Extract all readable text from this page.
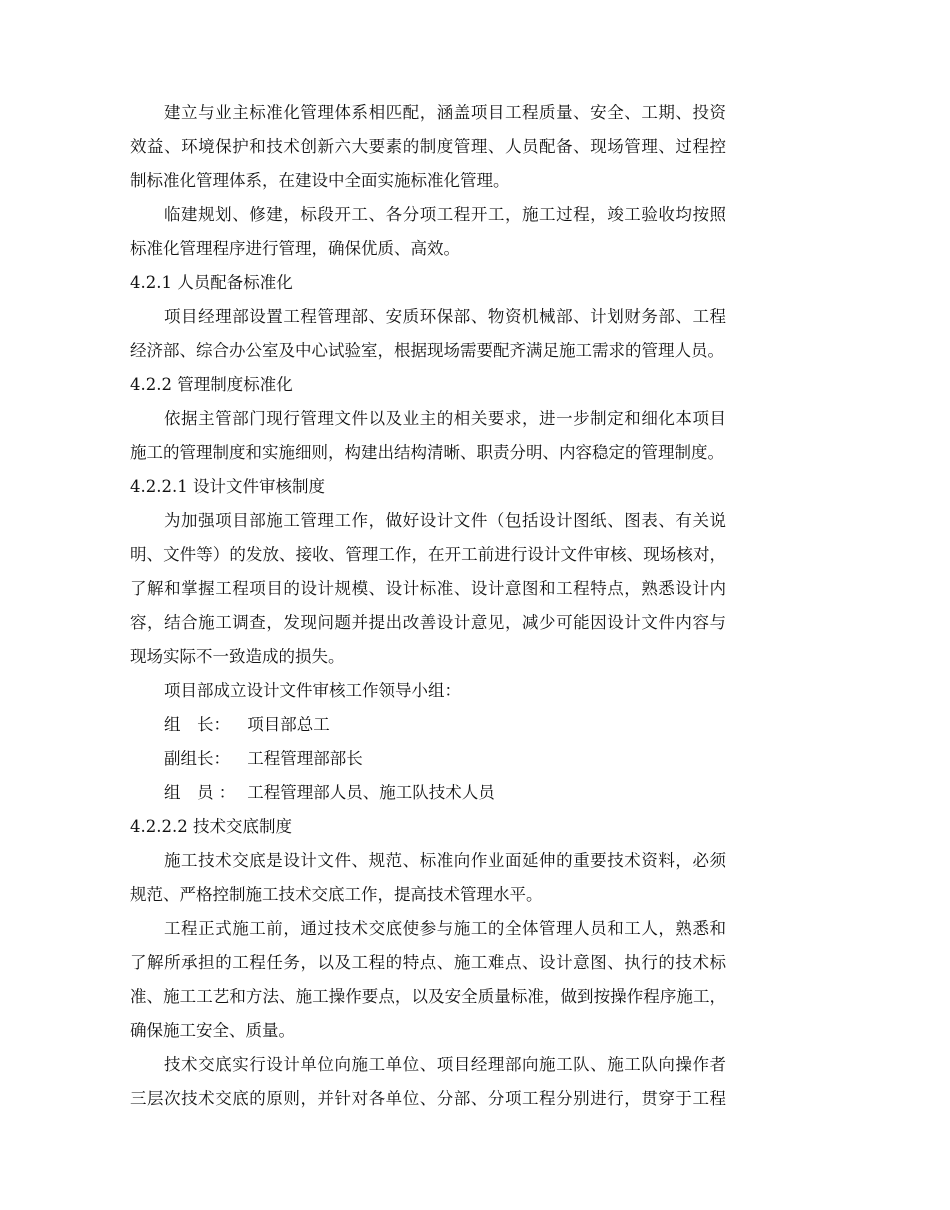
建立与业主标准化管理体系相匹配，涵盖项目工程质量、安全、工期、投资
效益、环境保护和技术创新六大要素的制度管理、人员配备、现场管理、过程控
制标准化管理体系，在建设中全面实施标准化管理。
临建规划、修建，标段开工、各分项工程开工，施工过程，竣工验收均按照
标准化管理程序进行管理，确保优质、高效。
4.2.1 人员配备标准化
项目经理部设置工程管理部、安质环保部、物资机械部、计划财务部、工程
经济部、综合办公室及中心试验室，根据现场需要配齐满足施工需求的管理人员。
4.2.2 管理制度标准化
依据主管部门现行管理文件以及业主的相关要求，进一步制定和细化本项目
施工的管理制度和实施细则，构建出结构清晰、职责分明、内容稳定的管理制度。
4.2.2.1 设计文件审核制度
为加强项目部施工管理工作，做好设计文件（包括设计图纸、图表、有关说
明、文件等）的发放、接收、管理工作，在开工前进行设计文件审核、现场核对，
了解和掌握工程项目的设计规模、设计标准、设计意图和工程特点，熟悉设计内
容，结合施工调查，发现问题并提出改善设计意见，减少可能因设计文件内容与
现场实际不一致造成的损失。
项目部成立设计文件审核工作领导小组：
组　长： 项目部总工
副组长： 工程管理部部长
组　员 ： 工程管理部人员、施工队技术人员
4.2.2.2 技术交底制度
施工技术交底是设计文件、规范、标准向作业面延伸的重要技术资料，必须
规范、严格控制施工技术交底工作，提高技术管理水平。
工程正式施工前，通过技术交底使参与施工的全体管理人员和工人，熟悉和
了解所承担的工程任务，以及工程的特点、施工难点、设计意图、执行的技术标
准、施工工艺和方法、施工操作要点，以及安全质量标准，做到按操作程序施工，
确保施工安全、质量。
技术交底实行设计单位向施工单位、项目经理部向施工队、施工队向操作者
三层次技术交底的原则，并针对各单位、分部、分项工程分别进行，贯穿于工程
